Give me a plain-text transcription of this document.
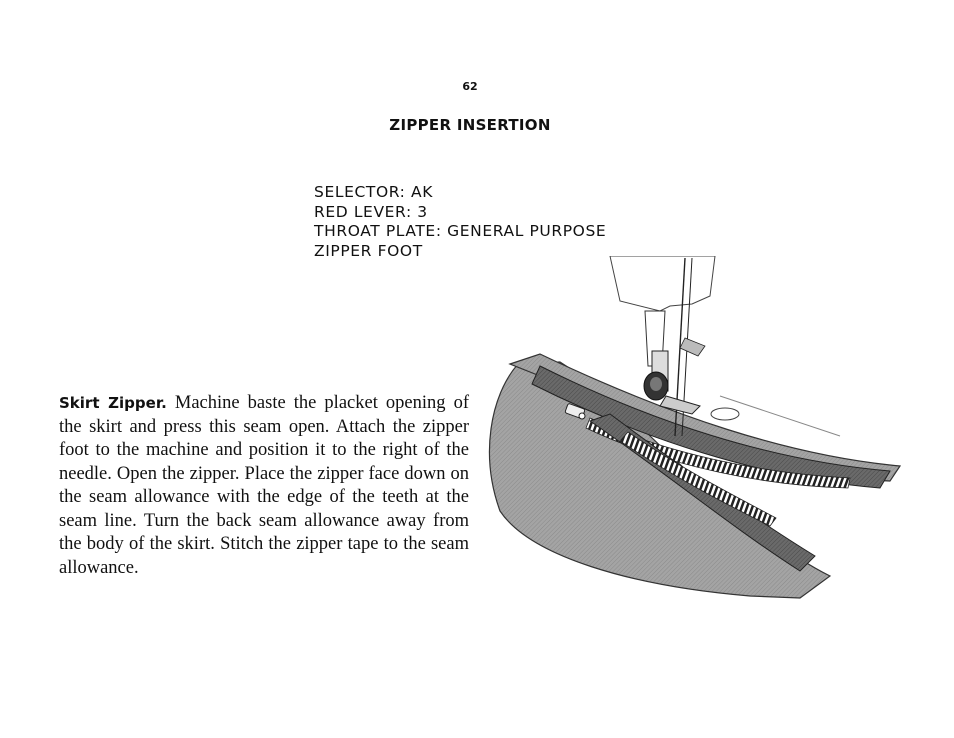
62
ZIPPER INSERTION
SELECTOR: AK
RED LEVER: 3
THROAT PLATE: GENERAL PURPOSE
ZIPPER FOOT
Skirt Zipper. Machine baste the placket opening of the skirt and press this seam open. Attach the zipper foot to the machine and position it to the right of the needle. Open the zipper. Place the zipper face down on the seam allowance with the edge of the teeth at the seam line. Turn the back seam allowance away from the body of the skirt. Stitch the zipper tape to the seam allowance.
